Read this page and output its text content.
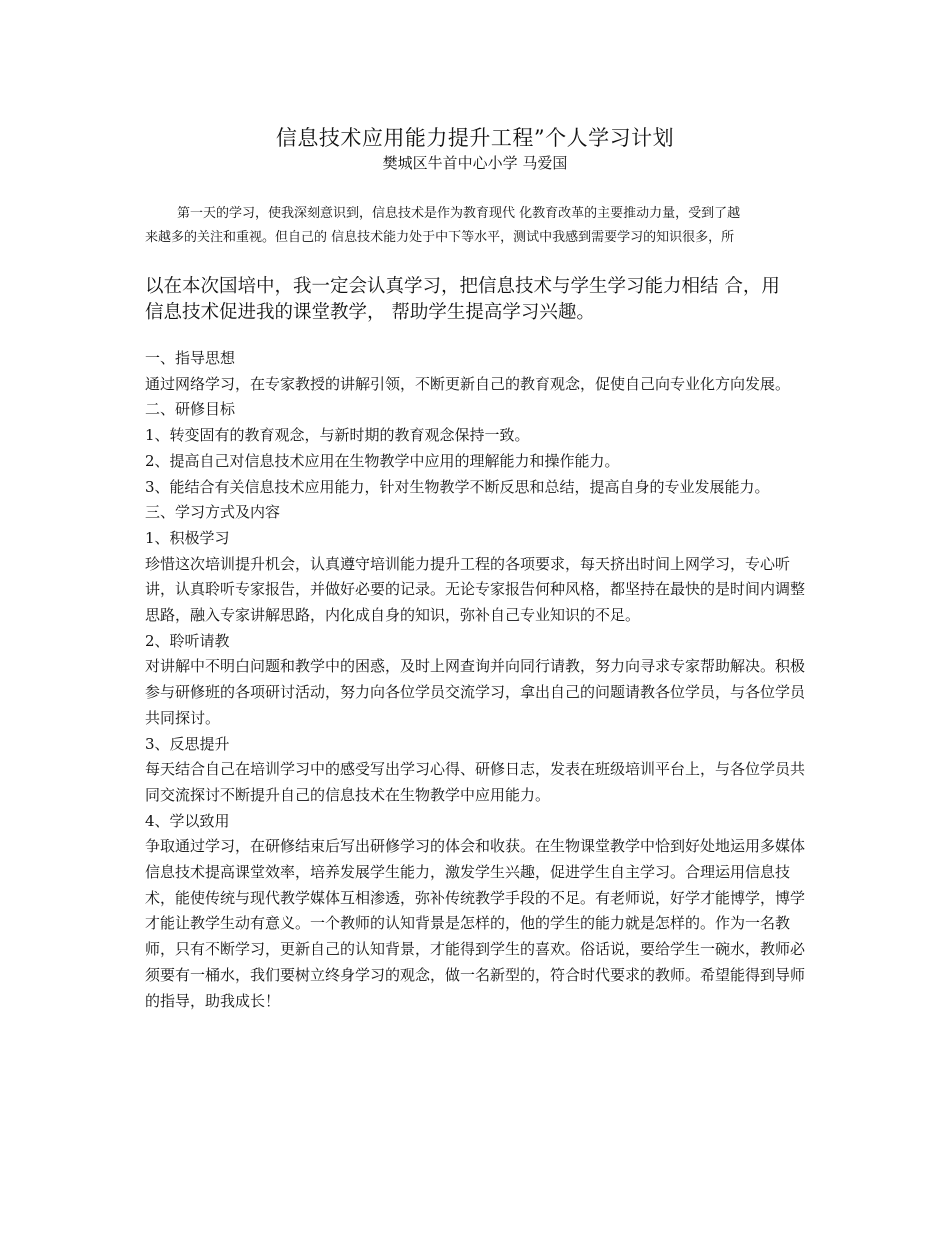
信息技术应用能力提升工程”个人学习计划
樊城区牛首中心小学 马爱国
第一天的学习，使我深刻意识到，信息技术是作为教育现代 化教育改革的主要推动力量，受到了越
来越多的关注和重视。但自己的 信息技术能力处于中下等水平，测试中我感到需要学习的知识很多，所
以在本次国培中，我一定会认真学习，把信息技术与学生学习能力相结 合，用
信息技术促进我的课堂教学， 帮助学生提高学习兴趣。

一、指导思想

通过网络学习，在专家教授的讲解引领，不断更新自己的教育观念，促使自己向专业化方向发展。

二、研修目标

1、转变固有的教育观念，与新时期的教育观念保持一致。

2、提高自己对信息技术应用在生物教学中应用的理解能力和操作能力。

3、能结合有关信息技术应用能力，针对生物教学不断反思和总结，提高自身的专业发展能力。

三、学习方式及内容

1、积极学习

珍惜这次培训提升机会，认真遵守培训能力提升工程的各项要求，每天挤出时间上网学习，专心听讲，认真聆听专家报告，并做好必要的记录。无论专家报告何种风格，都坚持在最快的是时间内调整思路，融入专家讲解思路，内化成自身的知识，弥补自己专业知识的不足。

2、聆听请教

对讲解中不明白问题和教学中的困惑，及时上网查询并向同行请教，努力向寻求专家帮助解决。积极参与研修班的各项研讨活动，努力向各位学员交流学习，拿出自己的问题请教各位学员，与各位学员共同探讨。

3、反思提升

每天结合自己在培训学习中的感受写出学习心得、研修日志，发表在班级培训平台上，与各位学员共同交流探讨不断提升自己的信息技术在生物教学中应用能力。

4、学以致用

争取通过学习，在研修结束后写出研修学习的体会和收获。在生物课堂教学中恰到好处地运用多媒体信息技术提高课堂效率，培养发展学生能力，激发学生兴趣，促进学生自主学习。合理运用信息技术，能使传统与现代教学媒体互相渗透，弥补传统教学手段的不足。有老师说，好学才能博学，博学才能让教学生动有意义。一个教师的认知背景是怎样的，他的学生的能力就是怎样的。作为一名教师，只有不断学习，更新自己的认知背景，才能得到学生的喜欢。俗话说，要给学生一碗水，教师必须要有一桶水，我们要树立终身学习的观念，做一名新型的，符合时代要求的教师。希望能得到导师的指导，助我成长！
